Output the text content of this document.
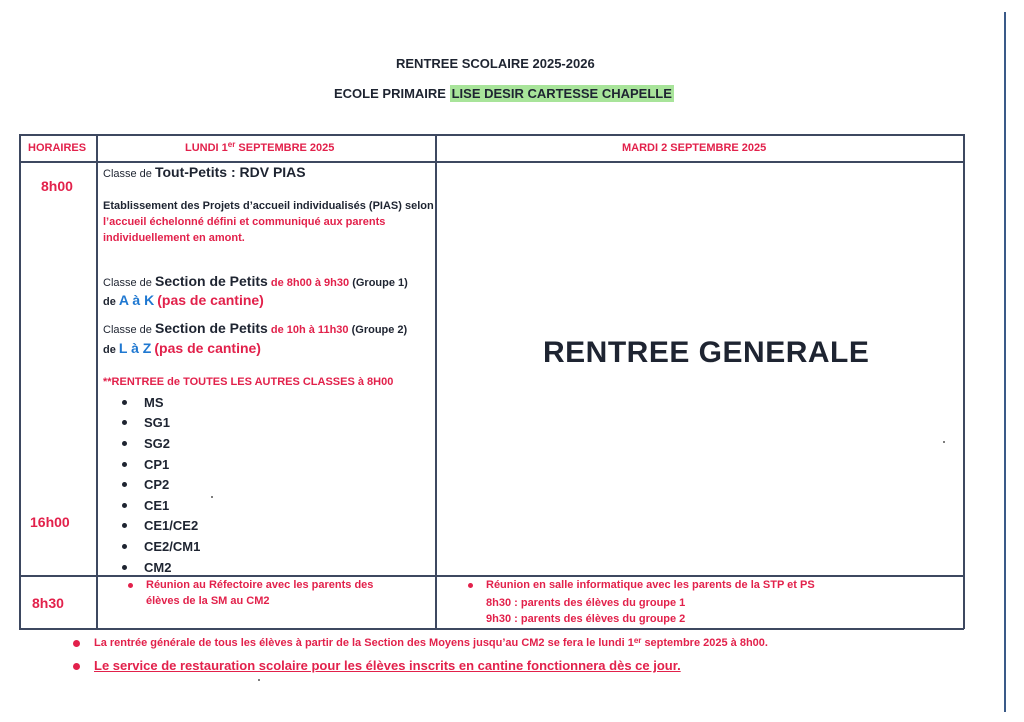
RENTREE SCOLAIRE 2025-2026
ECOLE PRIMAIRE LISE DESIR CARTESSE CHAPELLE
HORAIRES	LUNDI 1er SEPTEMBRE 2025	MARDI 2 SEPTEMBRE 2025
8h00
16h00
8h30
Classe de Tout-Petits : RDV PIAS
Etablissement des Projets d’accueil individualisés (PIAS) selon
l’accueil échelonné défini et communiqué aux parents
individuellement en amont.
Classe de Section de Petits de 8h00 à 9h30 (Groupe 1)
de A à K (pas de cantine)
Classe de Section de Petits de 10h à 11h30 (Groupe 2)
de L à Z (pas de cantine)
**RENTREE de TOUTES LES AUTRES CLASSES à 8H00
MS
SG1
SG2
CP1
CP2
CE1
CE1/CE2
CE2/CM1
CM2
RENTREE GENERALE
Réunion au Réfectoire avec les parents des
élèves de la SM au CM2
Réunion en salle informatique avec les parents de la STP et PS
8h30 : parents des élèves du groupe 1
9h30 : parents des élèves du groupe 2
La rentrée générale de tous les élèves à partir de la Section des Moyens jusqu’au CM2 se fera le lundi 1er septembre 2025 à 8h00.
Le service de restauration scolaire pour les élèves inscrits en cantine fonctionnera dès ce jour.
